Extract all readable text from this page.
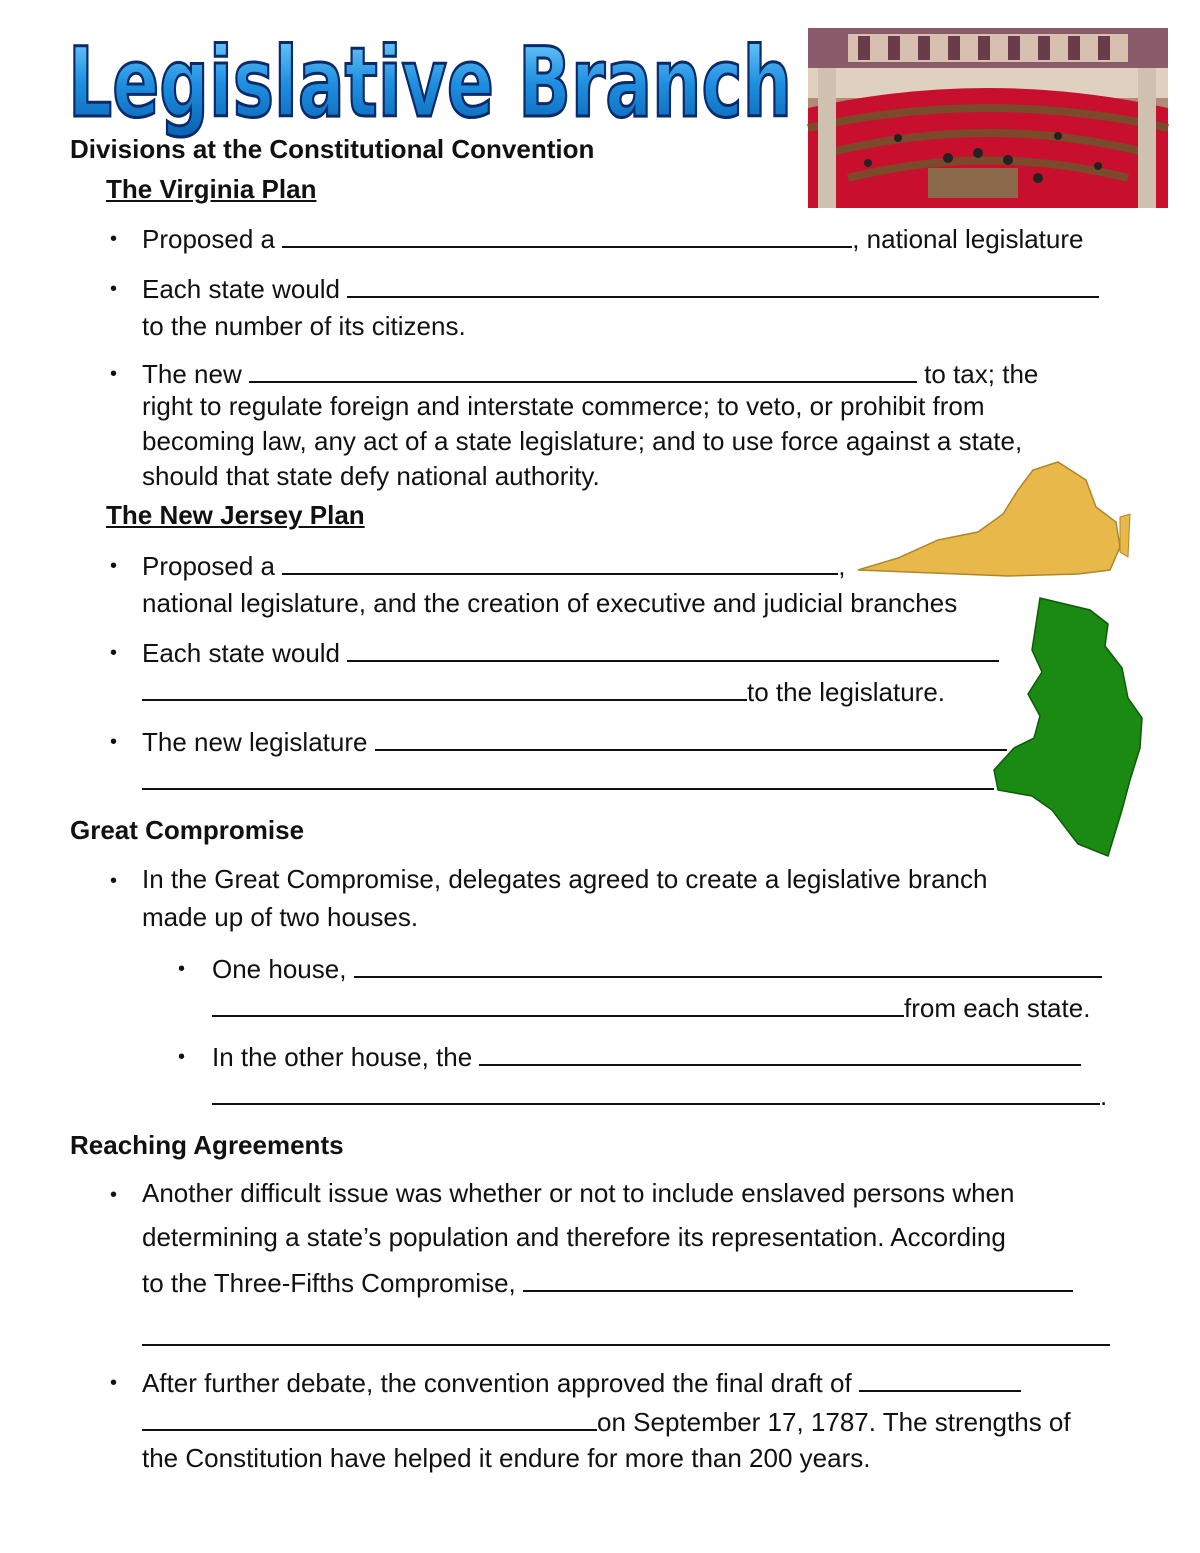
Legislative Branch
Divisions at the Constitutional Convention
The Virginia Plan
• Proposed a	, national legislature
• Each state would
to the number of its citizens.
• The new	to tax; the
right to regulate foreign and interstate commerce; to veto, or prohibit from
becoming law, any act of a state legislature; and to use force against a state,
should that state defy national authority.
The New Jersey Plan
• Proposed a	,
national legislature, and the creation of executive and judicial branches
• Each state would
to the legislature.
• The new legislature
Great Compromise
• In the Great Compromise, delegates agreed to create a legislative branch
made up of two houses.
• One house,
from each state.
• In the other house, the
.
Reaching Agreements
• Another difficult issue was whether or not to include enslaved persons when
determining a state’s population and therefore its representation. According
to the Three-Fifths Compromise,
• After further debate, the convention approved the final draft of
on September 17, 1787. The strengths of
the Constitution have helped it endure for more than 200 years.
